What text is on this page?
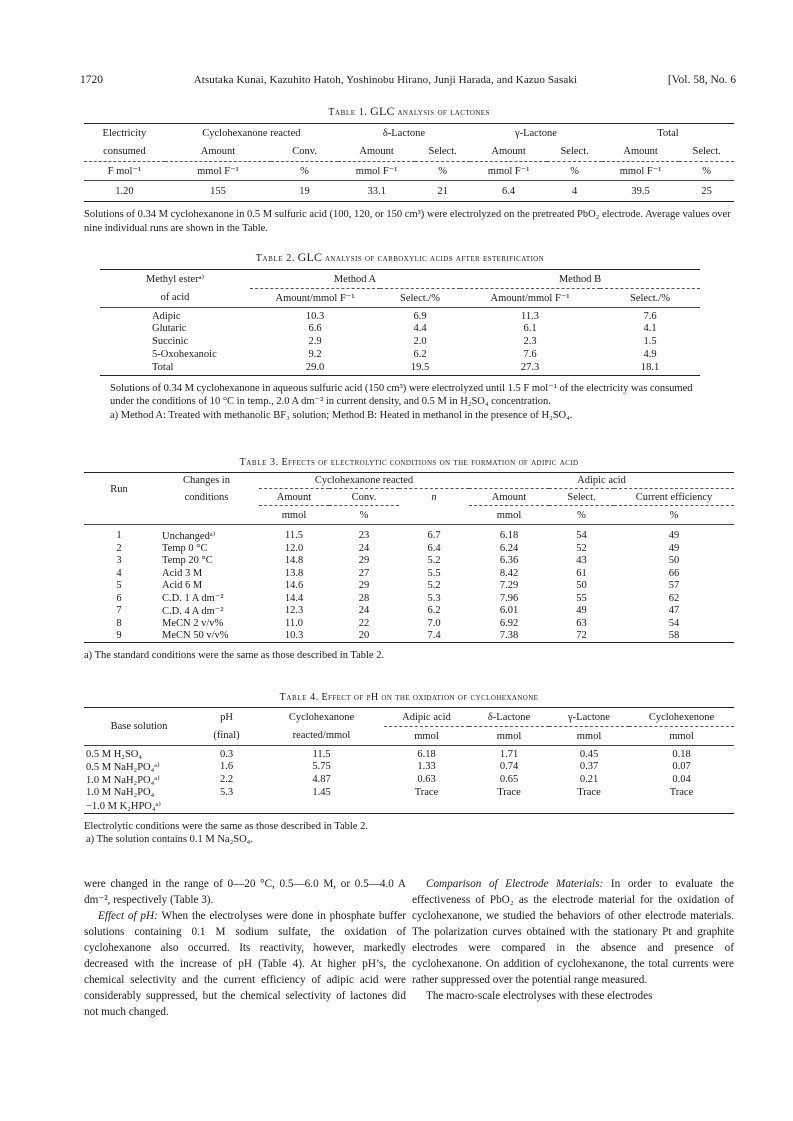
1720	Atsutaka Kunai, Kazuhito Hatoh, Yoshinobu Hirano, Junji Harada, and Kazuo Sasaki	[Vol. 58, No. 6
Table 1. GLC analysis of lactones
Electricity	Cyclohexanone reacted		δ-Lactone		γ-Lactone		Total	
consumed	Amount	Conv.	Amount	Select.	Amount	Select.	Amount	Select.
F mol⁻¹	mmol F⁻¹	%	mmol F⁻¹	%	mmol F⁻¹	%	mmol F⁻¹	%
1.20	155	19	33.1	21	6.4	4	39.5	25
Solutions of 0.34 M cyclohexanone in 0.5 M sulfuric acid (100, 120, or 150 cm³) were electrolyzed on the pretreated PbO₂ electrode. Average values over nine individual runs are shown in the Table.
Table 2. GLC analysis of carboxylic acids after esterification
Methyl esterᵃ⁾	Method A		Method B	
of acid	Amount/mmol F⁻¹	Select./%	Amount/mmol F⁻¹	Select./%
Adipic	10.3	6.9	11.3	7.6
Glutaric	6.6	4.4	6.1	4.1
Succinic	2.9	2.0	2.3	1.5
5-Oxohexanoic	9.2	6.2	7.6	4.9
Total	29.0	19.5	27.3	18.1
Solutions of 0.34 M cyclohexanone in aqueous sulfuric acid (150 cm³) were electrolyzed until 1.5 F mol⁻¹ of the electricity was consumed under the conditions of 10 °C in temp., 2.0 A dm⁻² in current density, and 0.5 M in H₂SO₄ concentration.
a) Method A: Treated with methanolic BF₃ solution; Method B: Heated in methanol in the presence of H₂SO₄.
Table 3. Effects of electrolytic conditions on the formation of adipic acid
Run	Changes in	Cyclohexanone reacted			Adipic acid		
	conditions	Amount	Conv.	n	Amount	Select.	Current efficiency
		mmol	%		mmol	%	%

1	Unchangedᵃ⁾	11.5	23	6.7	6.18	54	49
2	Temp 0 °C	12.0	24	6.4	6.24	52	49
3	Temp 20 °C	14.8	29	5.2	6.36	43	50
4	Acid 3 M	13.8	27	5.5	8.42	61	66
5	Acid 6 M	14.6	29	5.2	7.29	50	57
6	C.D. 1 A dm⁻²	14.4	28	5.3	7.96	55	62
7	C.D. 4 A dm⁻²	12.3	24	6.2	6.01	49	47
8	MeCN 2 v/v%	11.0	22	7.0	6.92	63	54
9	MeCN 50 v/v%	10.3	20	7.4	7.38	72	58
a) The standard conditions were the same as those described in Table 2.
Table 4. Effect of pH on the oxidation of cyclohexanone
Base solution	pH	Cyclohexanone	Adipic acid	δ-Lactone	γ-Lactone	Cyclohexenone
	(final)	reacted/mmol	mmol	mmol	mmol	mmol
0.5 M H₂SO₄	0.3	11.5	6.18	1.71	0.45	0.18
0.5 M NaH₂PO₄ᵃ⁾	1.6	5.75	1.33	0.74	0.37	0.07
1.0 M NaH₂PO₄ᵃ⁾	2.2	4.87	0.63	0.65	0.21	0.04
1.0 M NaH₂PO₄	5.3	1.45	Trace	Trace	Trace	Trace
−1.0 M K₂HPO₄ᵃ⁾						
Electrolytic conditions were the same as those described in Table 2.
a) The solution contains 0.1 M Na₂SO₄.

were changed in the range of 0—20 °C, 0.5—6.0 M, or 0.5—4.0 A dm⁻², respectively (Table 3).

Effect of pH: When the electrolyses were done in phosphate buffer solutions containing 0.1 M sodium sulfate, the oxidation of cyclohexanone also occurred. Its reactivity, however, markedly decreased with the increase of pH (Table 4). At higher pH’s, the chemical selectivity and the current efficiency of adipic acid were considerably suppressed, but the chemical selectivity of lactones did not much changed.

Comparison of Electrode Materials: In order to evaluate the effectiveness of PbO₂ as the electrode material for the oxidation of cyclohexanone, we studied the behaviors of other electrode materials. The polarization curves obtained with the stationary Pt and graphite electrodes were compared in the absence and presence of cyclohexanone. On addition of cyclohexanone, the total currents were rather suppressed over the potential range measured.

The macro-scale electrolyses with these electrodes
